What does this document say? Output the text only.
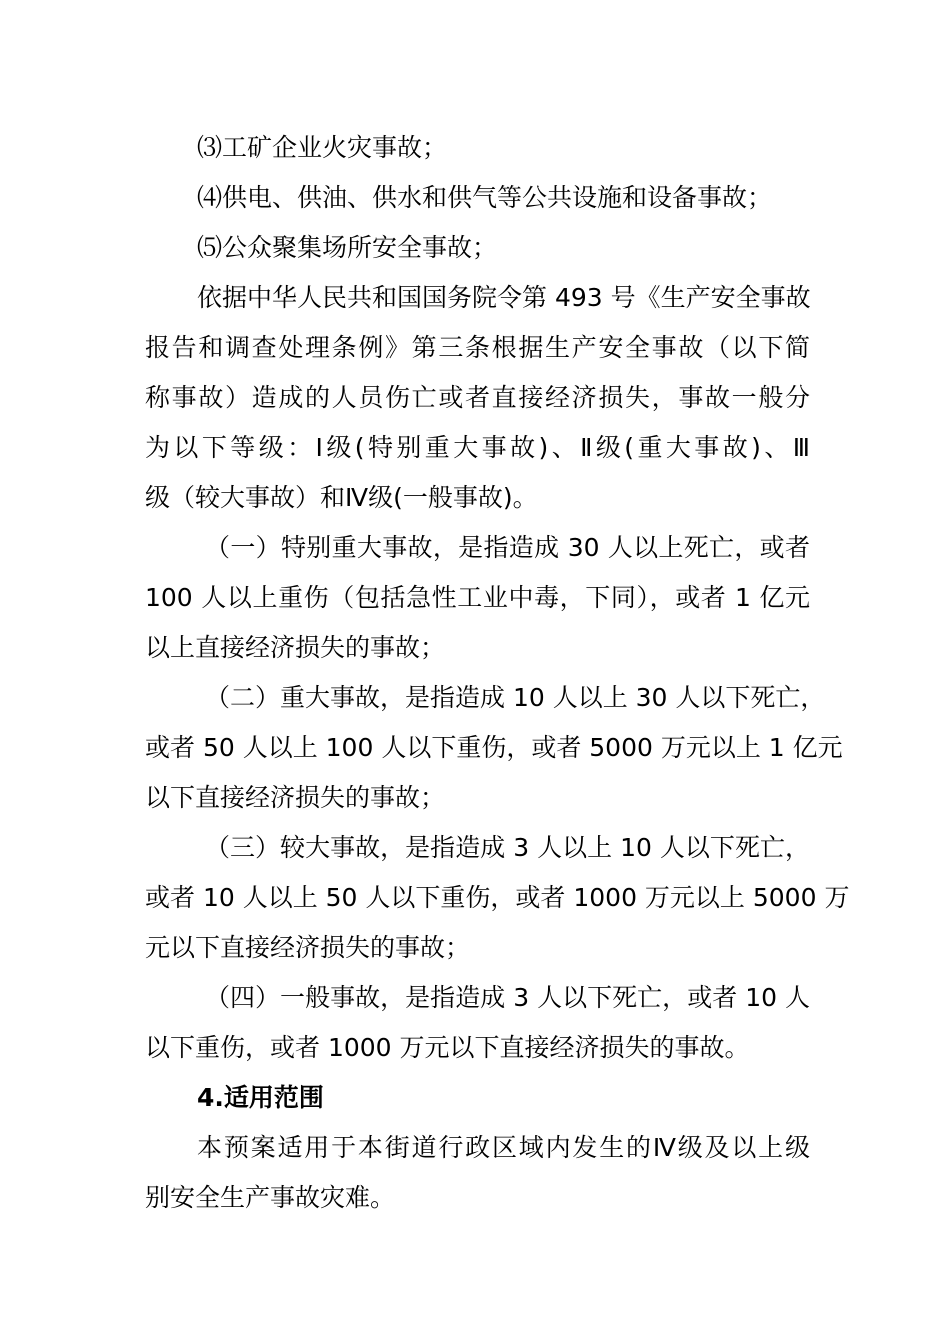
⑶工矿企业火灾事故；
⑷供电、供油、供水和供气等公共设施和设备事故；
⑸公众聚集场所安全事故；
依据中华人民共和国国务院令第 493 号《生产安全事故
报告和调查处理条例》第三条根据生产安全事故（以下简
称事故）造成的人员伤亡或者直接经济损失，事故一般分
为以下等级：Ⅰ级(特别重大事故)、Ⅱ级(重大事故)、Ⅲ
级（较大事故）和Ⅳ级(一般事故)。
（一）特别重大事故，是指造成 30 人以上死亡，或者
100 人以上重伤（包括急性工业中毒，下同），或者 1 亿元
以上直接经济损失的事故；
（二）重大事故，是指造成 10 人以上 30 人以下死亡，
或者 50 人以上 100 人以下重伤，或者 5000 万元以上 1 亿元
以下直接经济损失的事故；
（三）较大事故，是指造成 3 人以上 10 人以下死亡，
或者 10 人以上 50 人以下重伤，或者 1000 万元以上 5000 万
元以下直接经济损失的事故；
（四）一般事故，是指造成 3 人以下死亡，或者 10 人
以下重伤，或者 1000 万元以下直接经济损失的事故。
4.适用范围
本预案适用于本街道行政区域内发生的Ⅳ级及以上级
别安全生产事故灾难。
